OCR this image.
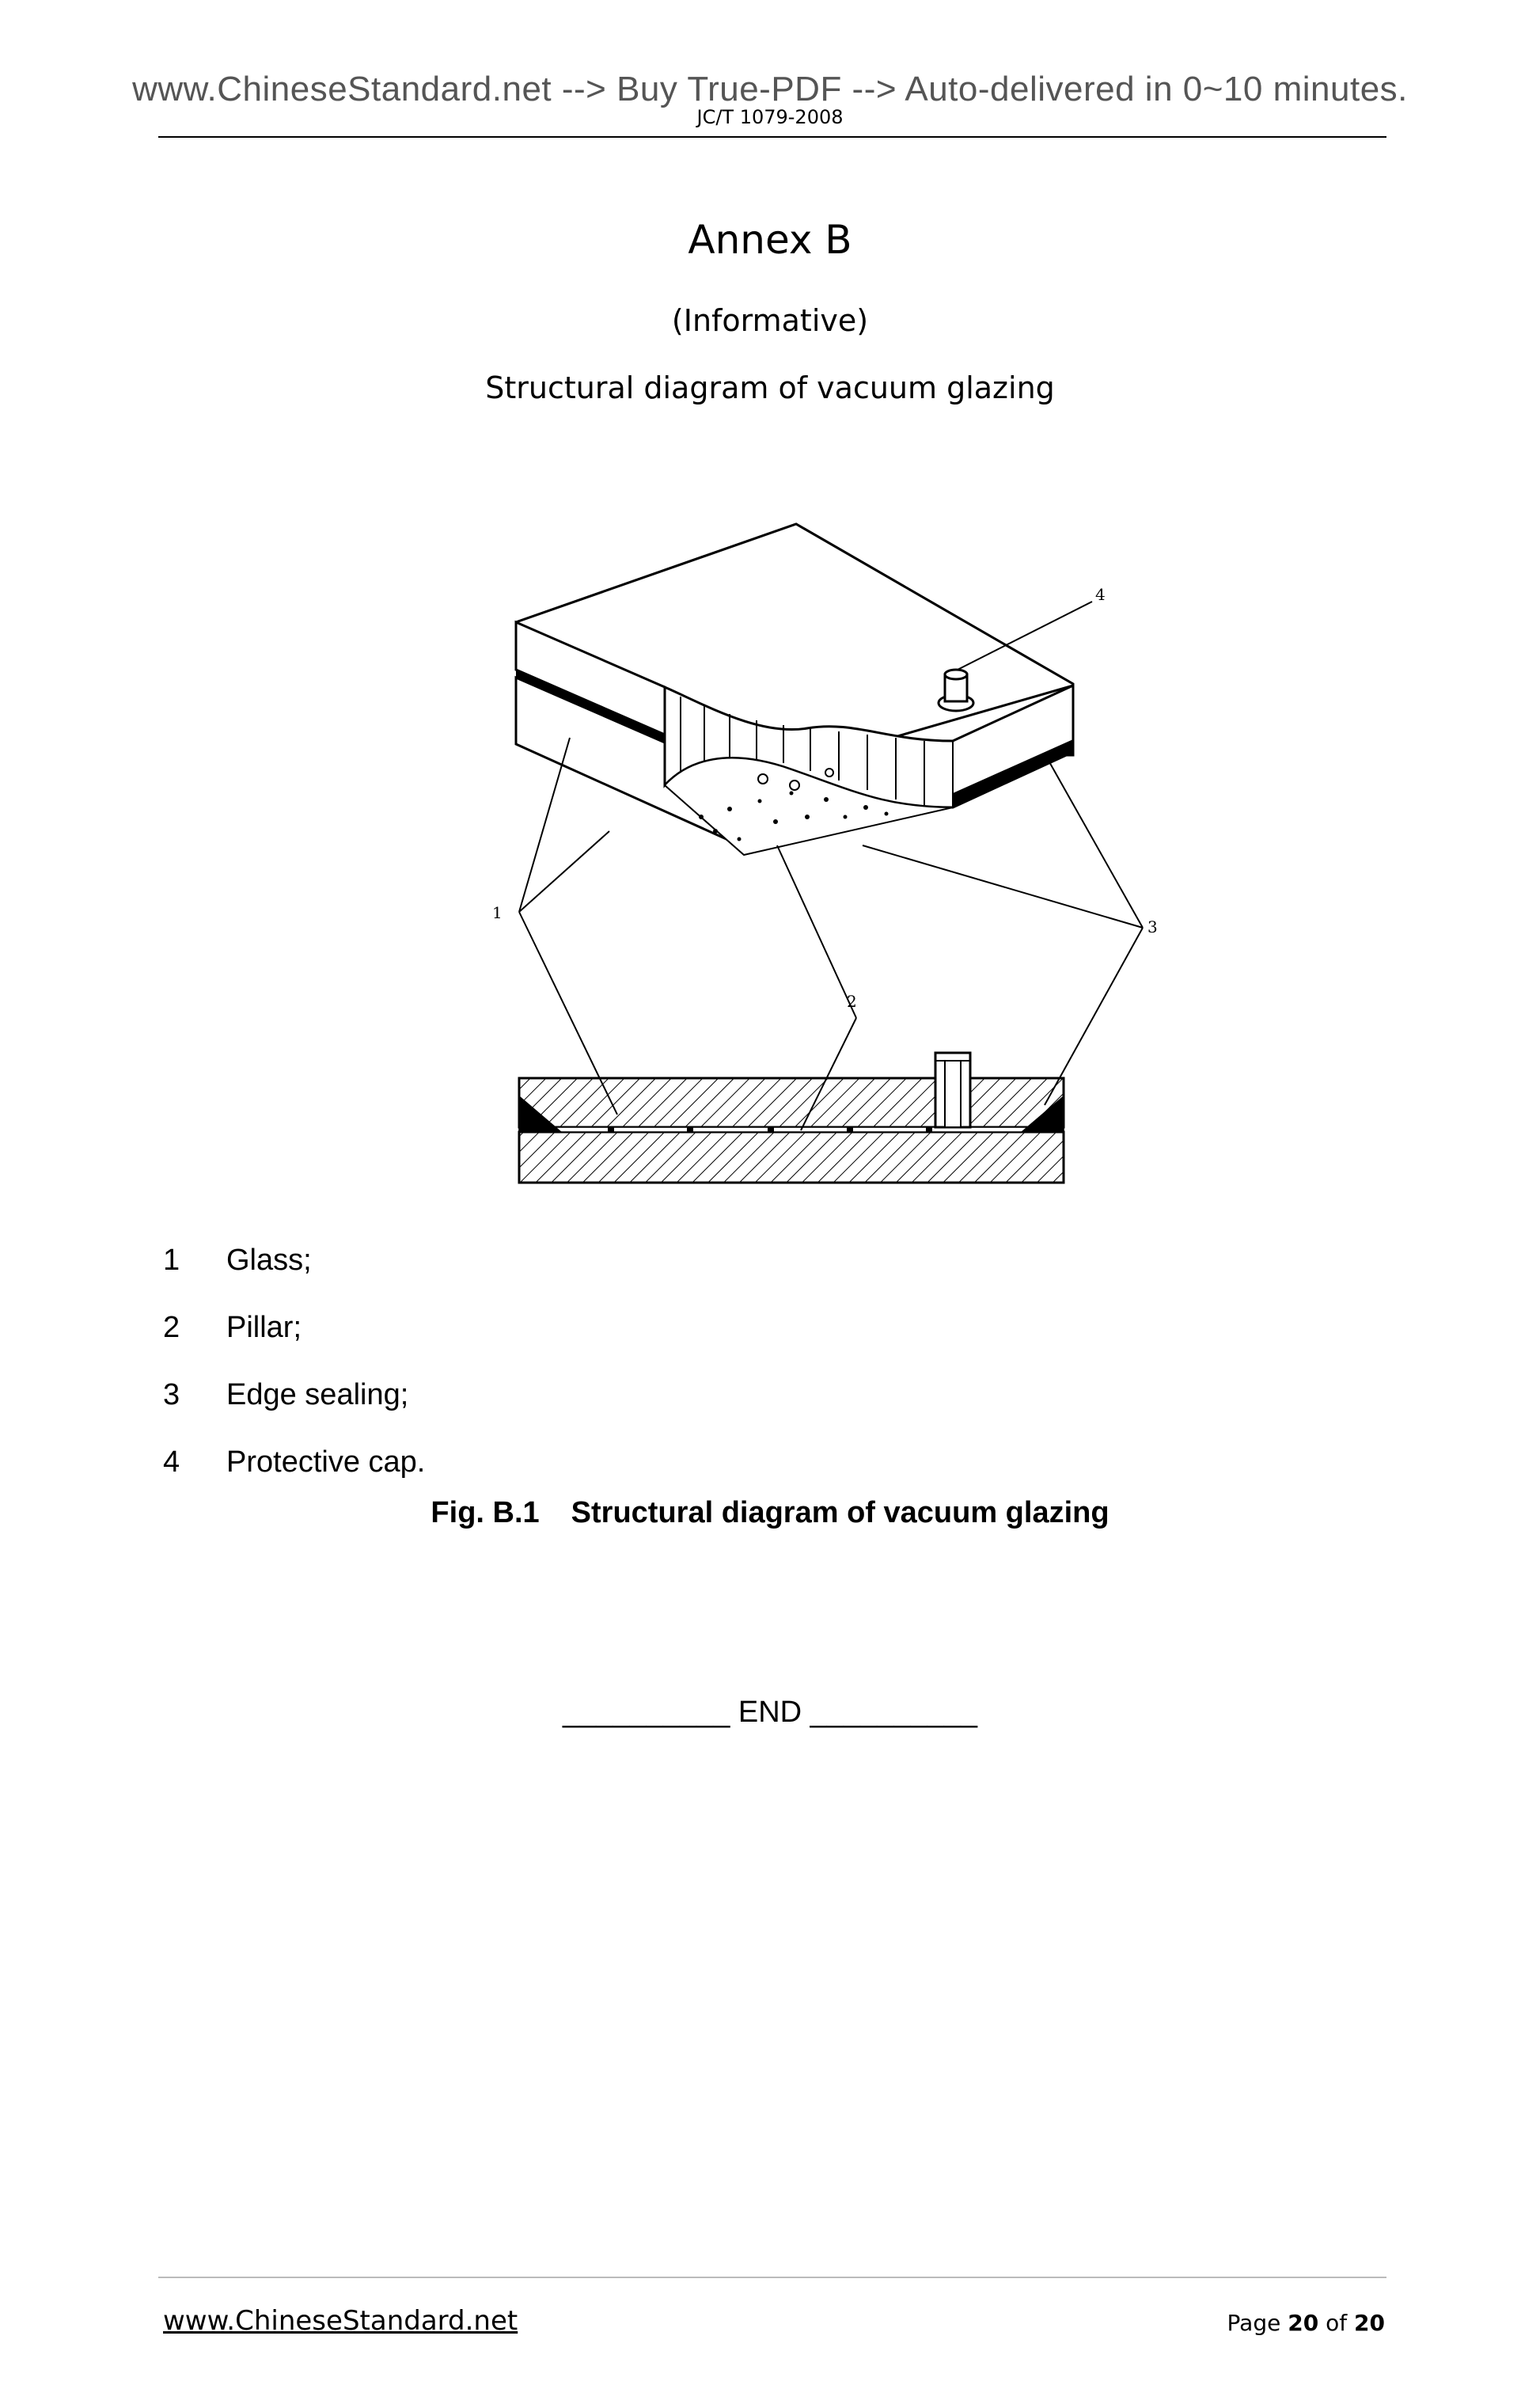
www.ChineseStandard.net --> Buy True-PDF --> Auto-delivered in 0~10 minutes.
JC/T 1079-2008
Annex B
(Informative)
Structural diagram of vacuum glazing
1
2
3
4
1	Glass;
2	Pillar;
3	Edge sealing;
4	Protective cap.
Fig. B.1 Structural diagram of vacuum glazing
__________ END __________
www.ChineseStandard.net	Page 20 of 20
